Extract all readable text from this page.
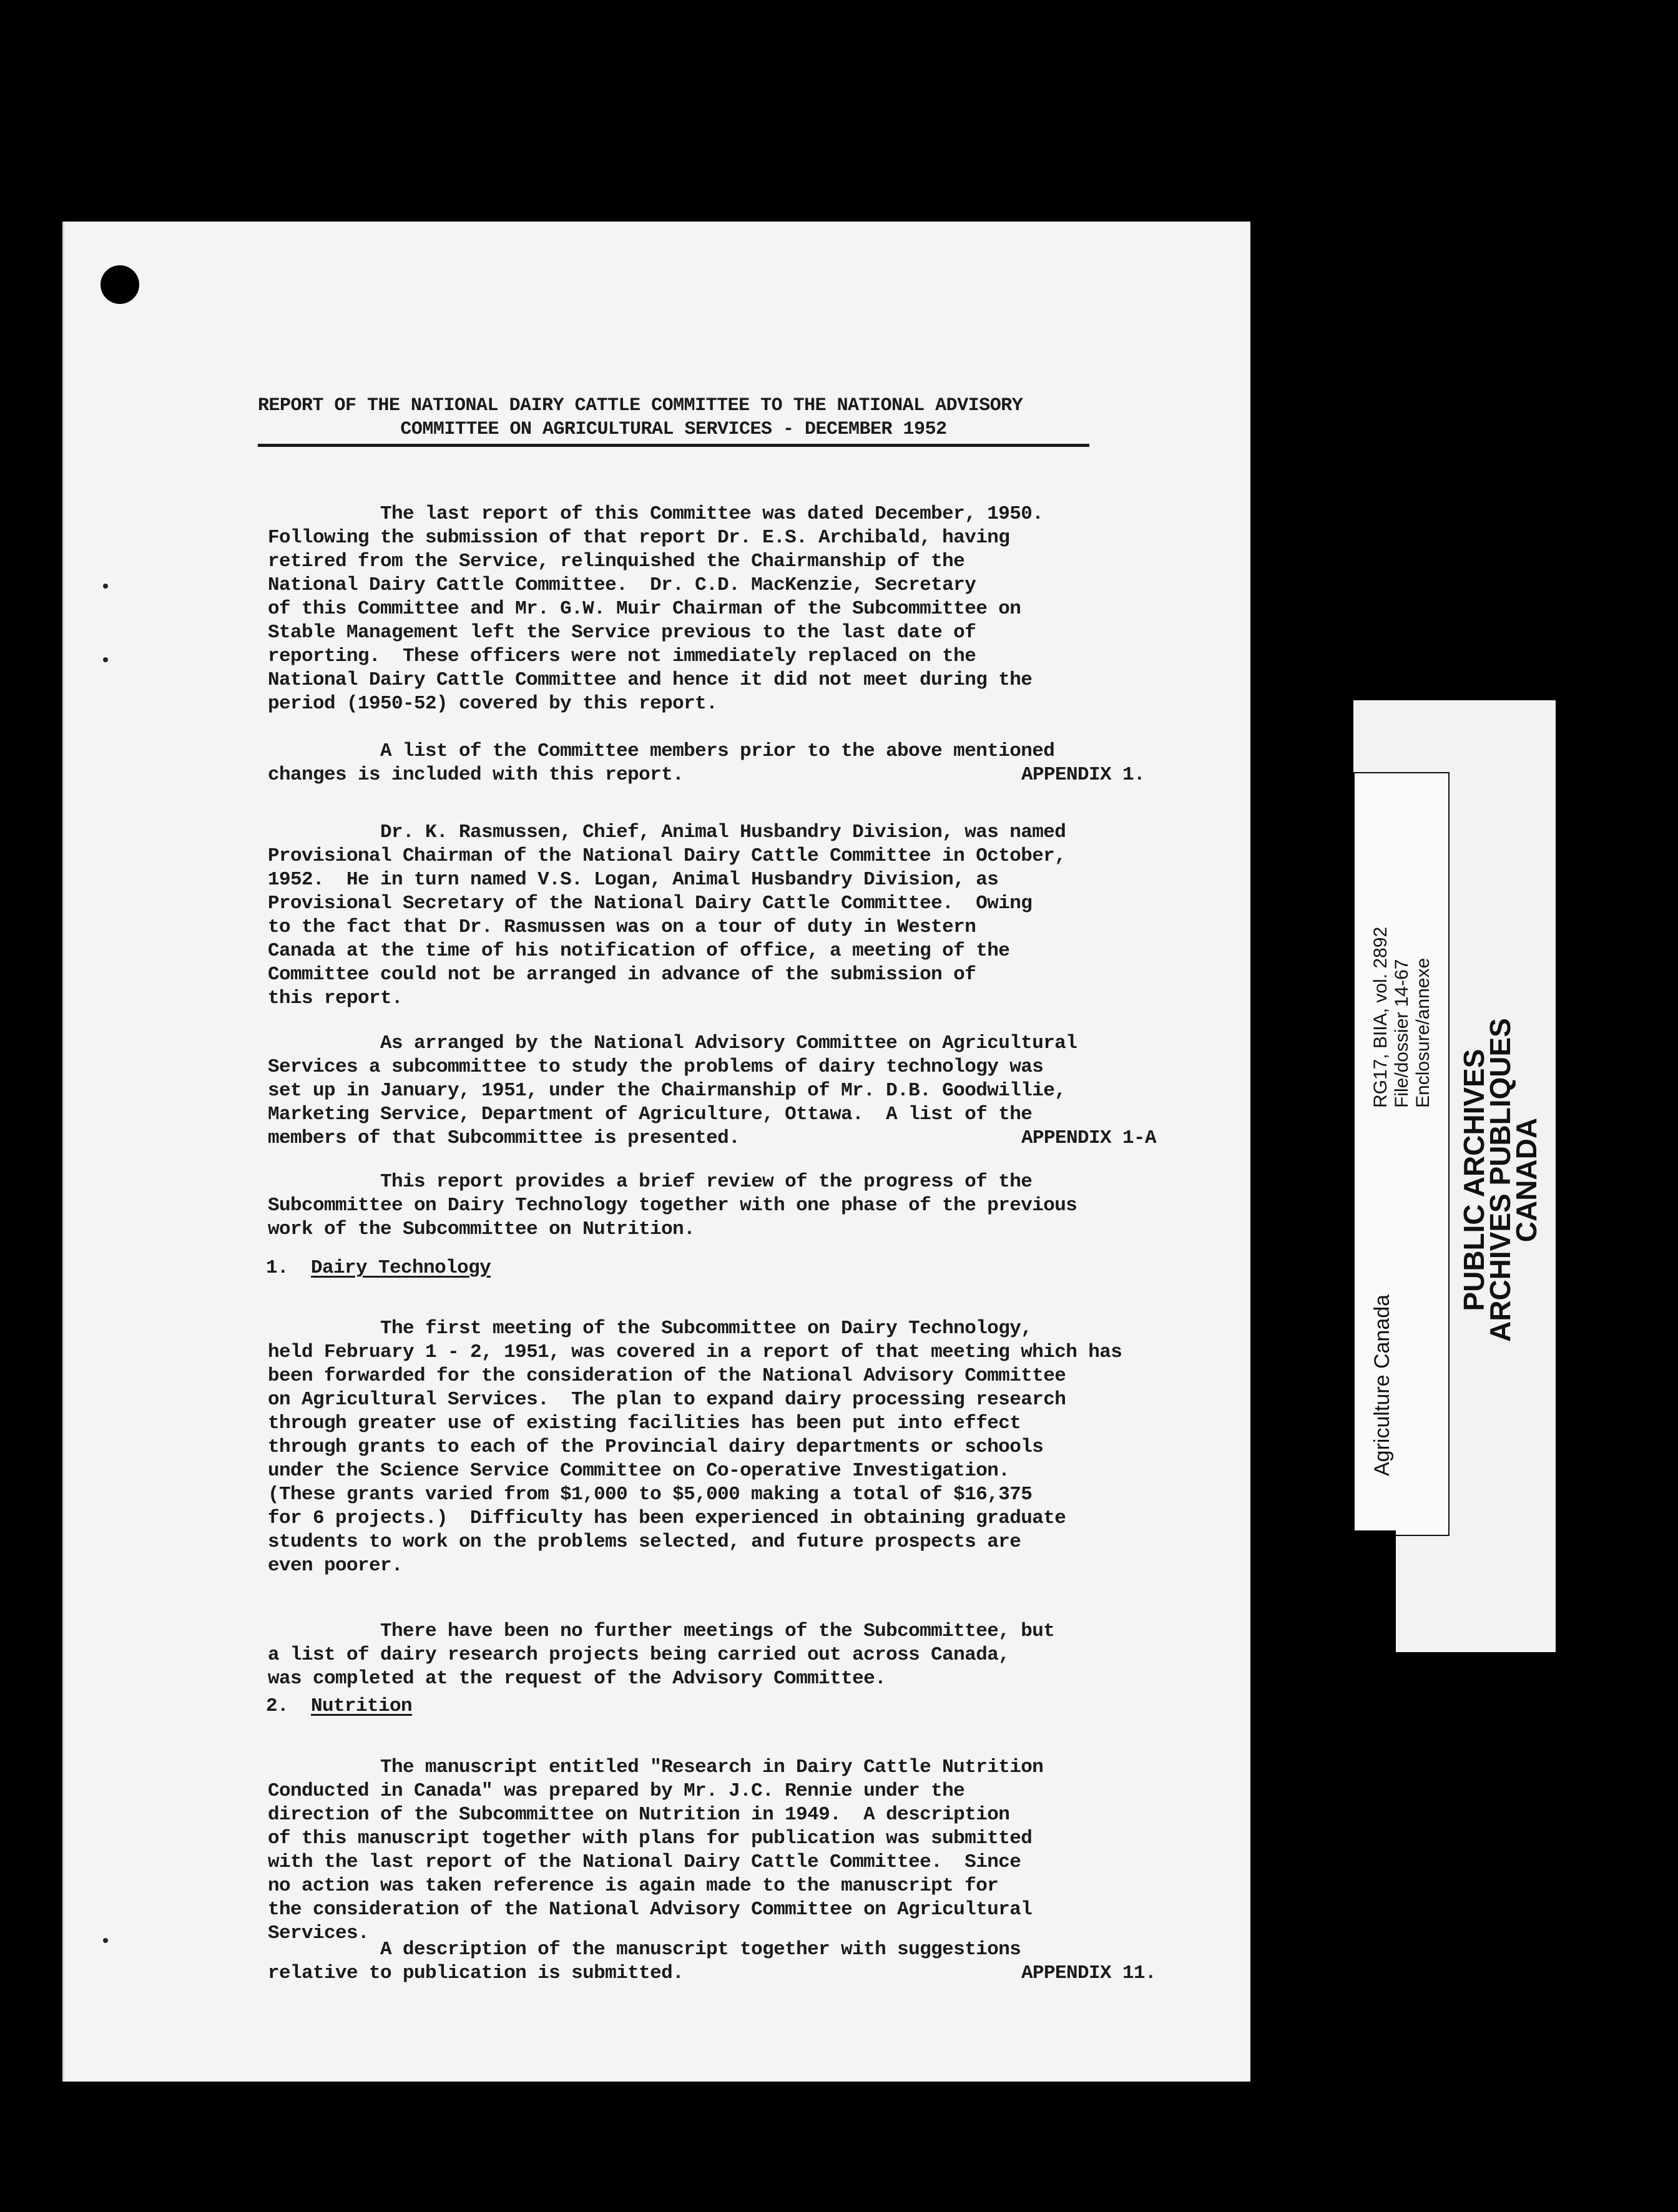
REPORT OF THE NATIONAL DAIRY CATTLE COMMITTEE TO THE NATIONAL ADVISORY
COMMITTEE ON AGRICULTURAL SERVICES - DECEMBER 1952

The last report of this Committee was dated December, 1950.
Following the submission of that report Dr. E.S. Archibald, having
retired from the Service, relinquished the Chairmanship of the
National Dairy Cattle Committee.  Dr. C.D. MacKenzie, Secretary
of this Committee and Mr. G.W. Muir Chairman of the Subcommittee on
Stable Management left the Service previous to the last date of
reporting.  These officers were not immediately replaced on the
National Dairy Cattle Committee and hence it did not meet during the
period (1950-52) covered by this report.

A list of the Committee members prior to the above mentioned
changes is included with this report.	APPENDIX 1.

Dr. K. Rasmussen, Chief, Animal Husbandry Division, was named
Provisional Chairman of the National Dairy Cattle Committee in October,
1952.  He in turn named V.S. Logan, Animal Husbandry Division, as
Provisional Secretary of the National Dairy Cattle Committee.  Owing
to the fact that Dr. Rasmussen was on a tour of duty in Western
Canada at the time of his notification of office, a meeting of the
Committee could not be arranged in advance of the submission of
this report.

As arranged by the National Advisory Committee on Agricultural
Services a subcommittee to study the problems of dairy technology was
set up in January, 1951, under the Chairmanship of Mr. D.B. Goodwillie,
Marketing Service, Department of Agriculture, Ottawa.  A list of the
members of that Subcommittee is presented.	APPENDIX 1-A

This report provides a brief review of the progress of the
Subcommittee on Dairy Technology together with one phase of the previous
work of the Subcommittee on Nutrition.

1. Dairy Technology

The first meeting of the Subcommittee on Dairy Technology,
held February 1 - 2, 1951, was covered in a report of that meeting which has
been forwarded for the consideration of the National Advisory Committee
on Agricultural Services.  The plan to expand dairy processing research
through greater use of existing facilities has been put into effect
through grants to each of the Provincial dairy departments or schools
under the Science Service Committee on Co-operative Investigation.
(These grants varied from $1,000 to $5,000 making a total of $16,375
for 6 projects.)  Difficulty has been experienced in obtaining graduate
students to work on the problems selected, and future prospects are
even poorer.

There have been no further meetings of the Subcommittee, but
a list of dairy research projects being carried out across Canada,
was completed at the request of the Advisory Committee.

2. Nutrition

The manuscript entitled "Research in Dairy Cattle Nutrition
Conducted in Canada" was prepared by Mr. J.C. Rennie under the
direction of the Subcommittee on Nutrition in 1949.  A description
of this manuscript together with plans for publication was submitted
with the last report of the National Dairy Cattle Committee.  Since
no action was taken reference is again made to the manuscript for
the consideration of the National Advisory Committee on Agricultural
Services.

A description of the manuscript together with suggestions
relative to publication is submitted.	APPENDIX 11.
Agriculture Canada
RG17, BIIA, vol. 2892 File/dossier 14-67 Enclosure/annexe
PUBLIC ARCHIVES
ARCHIVES PUBLIQUES
CANADA
